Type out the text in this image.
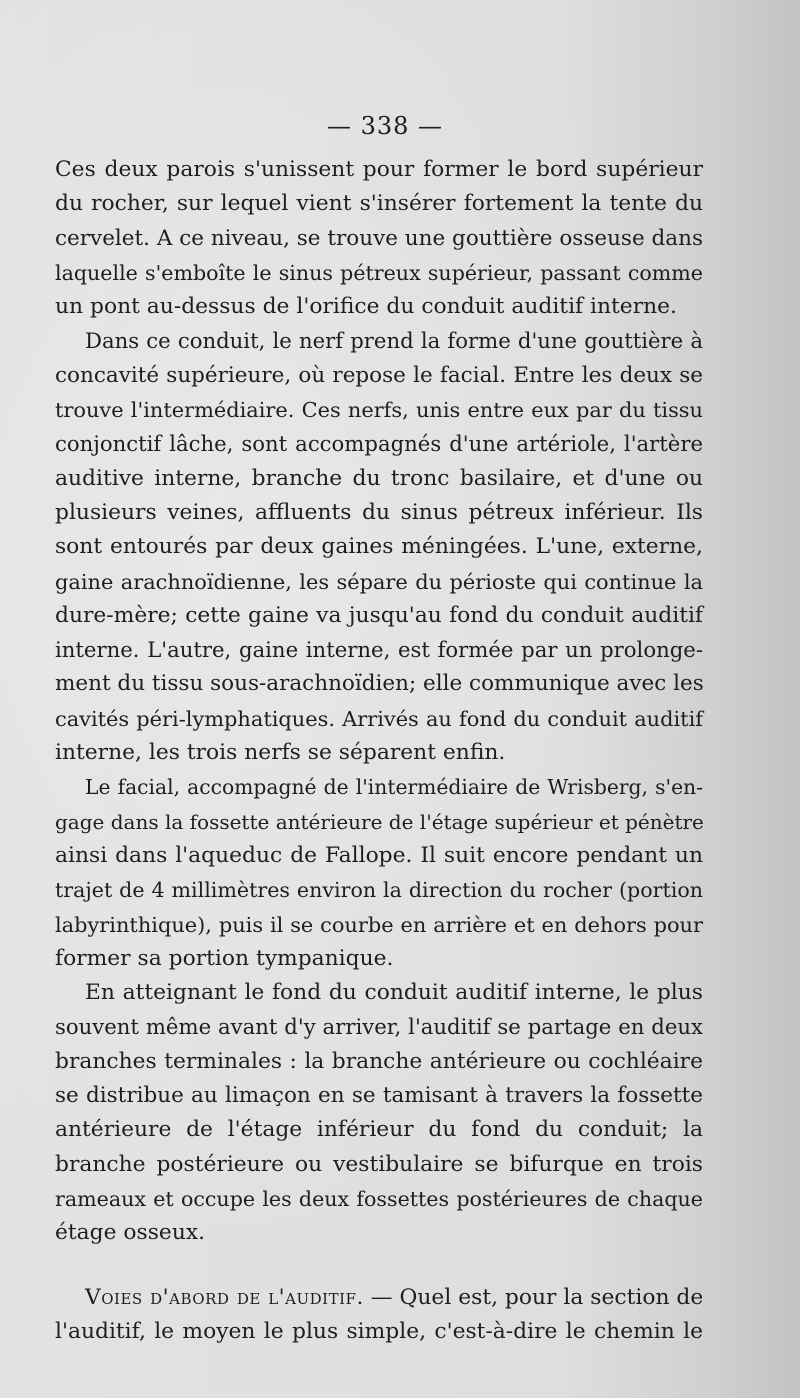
— 338 —
Ces deux parois s'unissent pour former le bord supérieur
du rocher, sur lequel vient s'insérer fortement la tente du
cervelet. A ce niveau, se trouve une gouttière osseuse dans
laquelle s'emboîte le sinus pétreux supérieur, passant comme
un pont au-dessus de l'orifice du conduit auditif interne.
Dans ce conduit, le nerf prend la forme d'une gouttière à
concavité supérieure, où repose le facial. Entre les deux se
trouve l'intermédiaire. Ces nerfs, unis entre eux par du tissu
conjonctif lâche, sont accompagnés d'une artériole, l'artère
auditive interne, branche du tronc basilaire, et d'une ou
plusieurs veines, affluents du sinus pétreux inférieur. Ils
sont entourés par deux gaines méningées. L'une, externe,
gaine arachnoïdienne, les sépare du périoste qui continue la
dure-mère; cette gaine va jusqu'au fond du conduit auditif
interne. L'autre, gaine interne, est formée par un prolonge-
ment du tissu sous-arachnoïdien; elle communique avec les
cavités péri-lymphatiques. Arrivés au fond du conduit auditif
interne, les trois nerfs se séparent enfin.
Le facial, accompagné de l'intermédiaire de Wrisberg, s'en-
gage dans la fossette antérieure de l'étage supérieur et pénètre
ainsi dans l'aqueduc de Fallope. Il suit encore pendant un
trajet de 4 millimètres environ la direction du rocher (portion
labyrinthique), puis il se courbe en arrière et en dehors pour
former sa portion tympanique.
En atteignant le fond du conduit auditif interne, le plus
souvent même avant d'y arriver, l'auditif se partage en deux
branches terminales : la branche antérieure ou cochléaire
se distribue au limaçon en se tamisant à travers la fossette
antérieure de l'étage inférieur du fond du conduit; la
branche postérieure ou vestibulaire se bifurque en trois
rameaux et occupe les deux fossettes postérieures de chaque
étage osseux.
Voies d'abord de l'auditif. — Quel est, pour la section de
l'auditif, le moyen le plus simple, c'est-à-dire le chemin le
